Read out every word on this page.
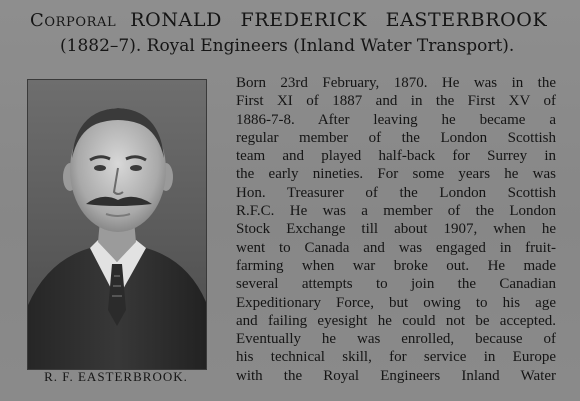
Corporal RONALD FREDERICK EASTERBROOK
(1882–7). Royal Engineers (Inland Water Transport).
R. F. EASTERBROOK.
Born 23rd February, 1870. He was in the
First XI of 1887 and in the First XV of
1886-7-8. After leaving he became a
regular member of the London Scottish
team and played half-back for Surrey in
the early nineties. For some years he was
Hon. Treasurer of the London Scottish
R.F.C. He was a member of the London
Stock Exchange till about 1907, when he
went to Canada and was engaged in fruit-
farming when war broke out. He made
several attempts to join the Canadian
Expeditionary Force, but owing to his age
and failing eyesight he could not be accepted.
Eventually he was enrolled, because of
his technical skill, for service in Europe
with the Royal Engineers Inland Water
